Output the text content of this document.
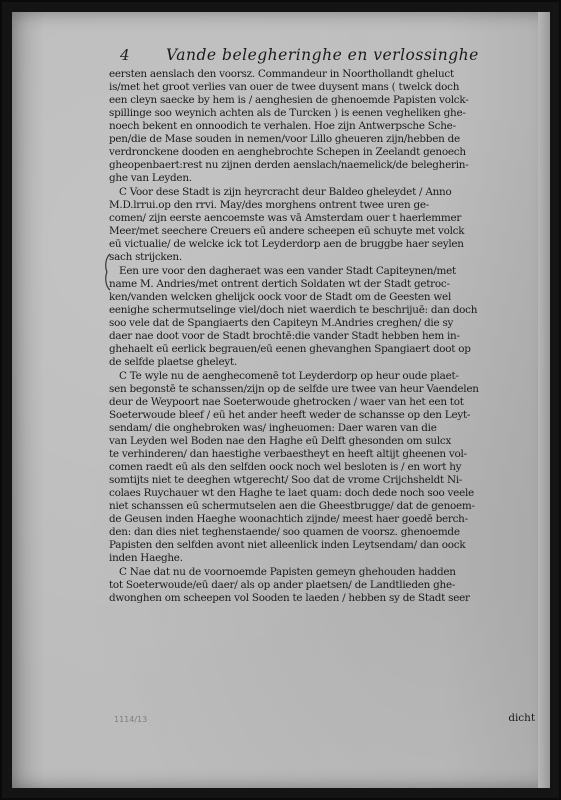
4 Vande belegheringhe en verlossinghe
eersten aenslach den voorsz. Commandeur in Noorthollandt gheluct
is/met het groot verlies van ouer de twee duysent mans ( twelck doch
een cleyn saecke by hem is / aenghesien de ghenoemde Papisten volck-
spillinge soo weynich achten als de Turcken ) is eenen vegheliken ghe-
noech bekent en onnoodich te verhalen. Hoe zijn Antwerpsche Sche-
pen/die de Mase souden in nemen/voor Lillo gheueren zijn/hebben de
verdronckene dooden en aenghebrochte Schepen in Zeelandt genoech
gheopenbaert:rest nu zijnen derden aenslach/naemelick/de belegherin-
ghe van Leyden.
C Voor dese Stadt is zijn heyrcracht deur Baldeo gheleydet / Anno
M.D.lrrui.op den rrvi. May/des morghens ontrent twee uren ge-
comen/ zijn eerste aencoemste was vā Amsterdam ouer t haerlemmer
Meer/met seechere Creuers eū andere scheepen eū schuyte met volck
eū victualie/ de welcke ick tot Leyderdorp aen de bruggbe haer seylen
sach strijcken.
Een ure voor den dagheraet was een vander Stadt Capiteynen/met
name M. Andries/met ontrent dertich Soldaten wt der Stadt getroc-
ken/vanden welcken ghelijck oock voor de Stadt om de Geesten wel
eenighe schermutselinge viel/doch niet waerdich te beschrijuē: dan doch
soo vele dat de Spangiaerts den Capiteyn M.Andries creghen/ die sy
daer nae doot voor de Stadt brochtē:die vander Stadt hebben hem in-
ghehaelt eū eerlick begrauen/eū eenen ghevanghen Spangiaert doot op
de selfde plaetse gheleyt.
C Te wyle nu de aenghecomenē tot Leyderdorp op heur oude plaet-
sen begonstē te schanssen/zijn op de selfde ure twee van heur Vaendelen
deur de Weypoort nae Soeterwoude ghetrocken / waer van het een tot
Soeterwoude bleef / eū het ander heeft weder de schansse op den Leyt-
sendam/ die onghebroken was/ ingheuomen: Daer waren van die
van Leyden wel Boden nae den Haghe eū Delft ghesonden om sulcx
te verhinderen/ dan haestighe verbaestheyt en heeft altijt gheenen vol-
comen raedt eū als den selfden oock noch wel besloten is / en wort hy
somtijts niet te deeghen wtgerecht/ Soo dat de vrome Crijchsheldt Ni-
colaes Ruychauer wt den Haghe te laet quam: doch dede noch soo veele
niet schanssen eū schermutselen aen die Gheestbrugge/ dat de genoem-
de Geusen inden Haeghe woonachtich zijnde/ meest haer goedē berch-
den: dan dies niet teghenstaende/ soo quamen de voorsz. ghenoemde
Papisten den selfden avont niet alleenlick inden Leytsendam/ dan oock
inden Haeghe.
C Nae dat nu de voornoemde Papisten gemeyn ghehouden hadden
tot Soeterwoude/eū daer/ als op ander plaetsen/ de Landtlieden ghe-
dwonghen om scheepen vol Sooden te laeden / hebben sy de Stadt seer
1114/13	dicht
